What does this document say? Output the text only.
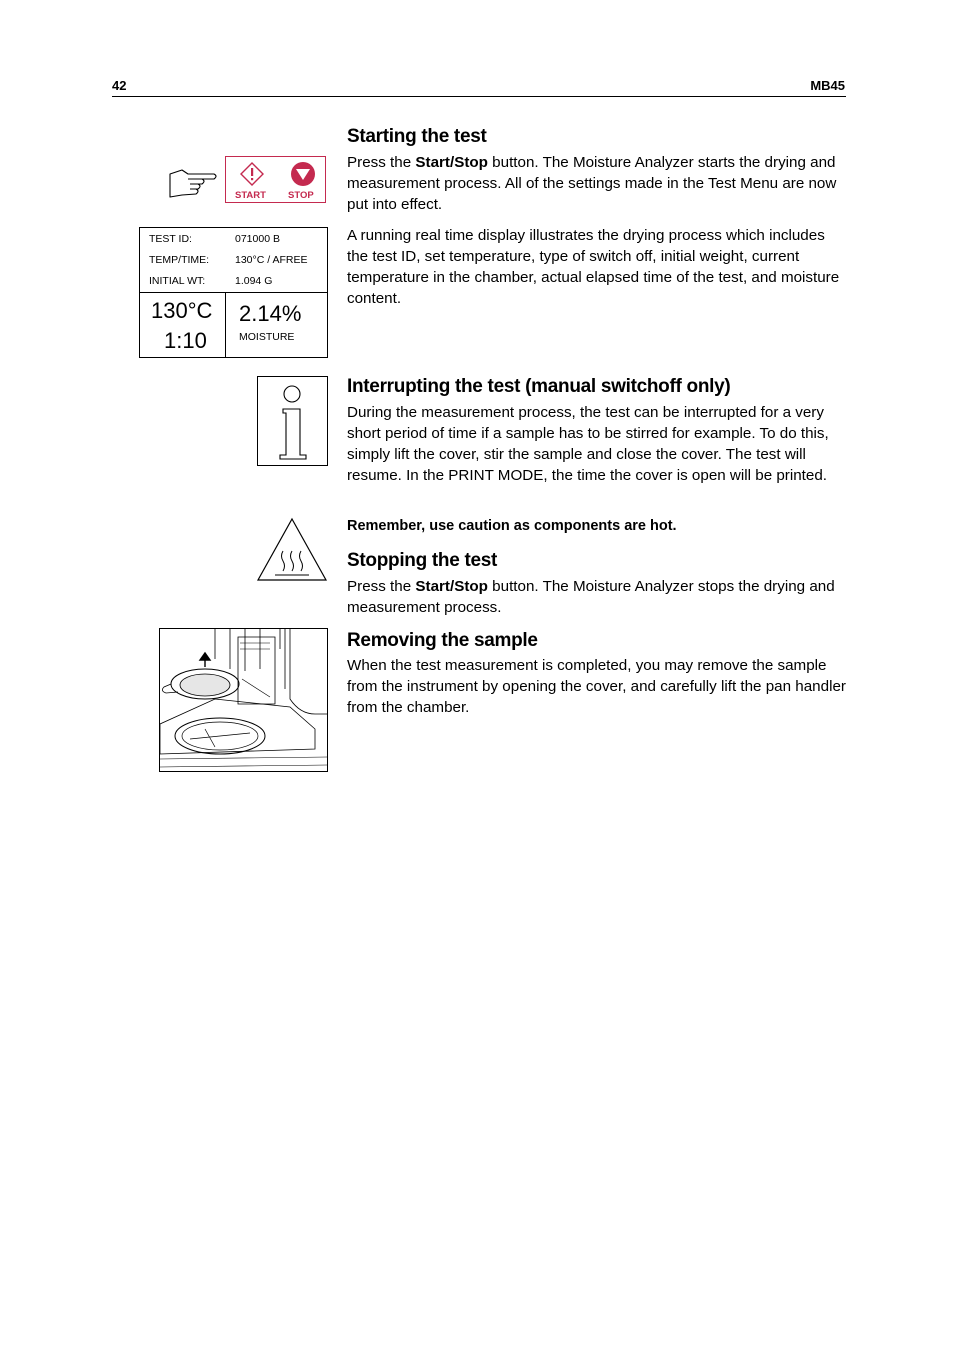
42	MB45
START STOP
TEST ID:	071000 B
TEMP/TIME: 130°C / AFREE
INITIAL WT:	1.094 G
130°C
1:10
2.14%
MOISTURE
Starting the test

Press the Start/Stop button. The Moisture Analyzer starts the drying and measurement process. All of the settings made in the Test Menu are now put into effect.

A running real time display illustrates the drying process which includes the test ID, set temperature, type of switch off, initial weight, current temperature in the chamber, actual elapsed time of the test, and moisture content.

Interrupting the test (manual switchoff only)

During the measurement process, the test can be interrupted for a very short period of time if a sample has to be stirred for example. To do this, simply lift the cover, stir the sample and close the cover. The test will resume. In the PRINT MODE, the time the cover is open will be printed.

Remember, use caution as components are hot.

Stopping the test

Press the Start/Stop button. The Moisture Analyzer stops the drying and measurement process.

Removing the sample

When the test measurement is completed, you may remove the sample from the instrument by opening the cover, and carefully lift the pan handler from the chamber.
